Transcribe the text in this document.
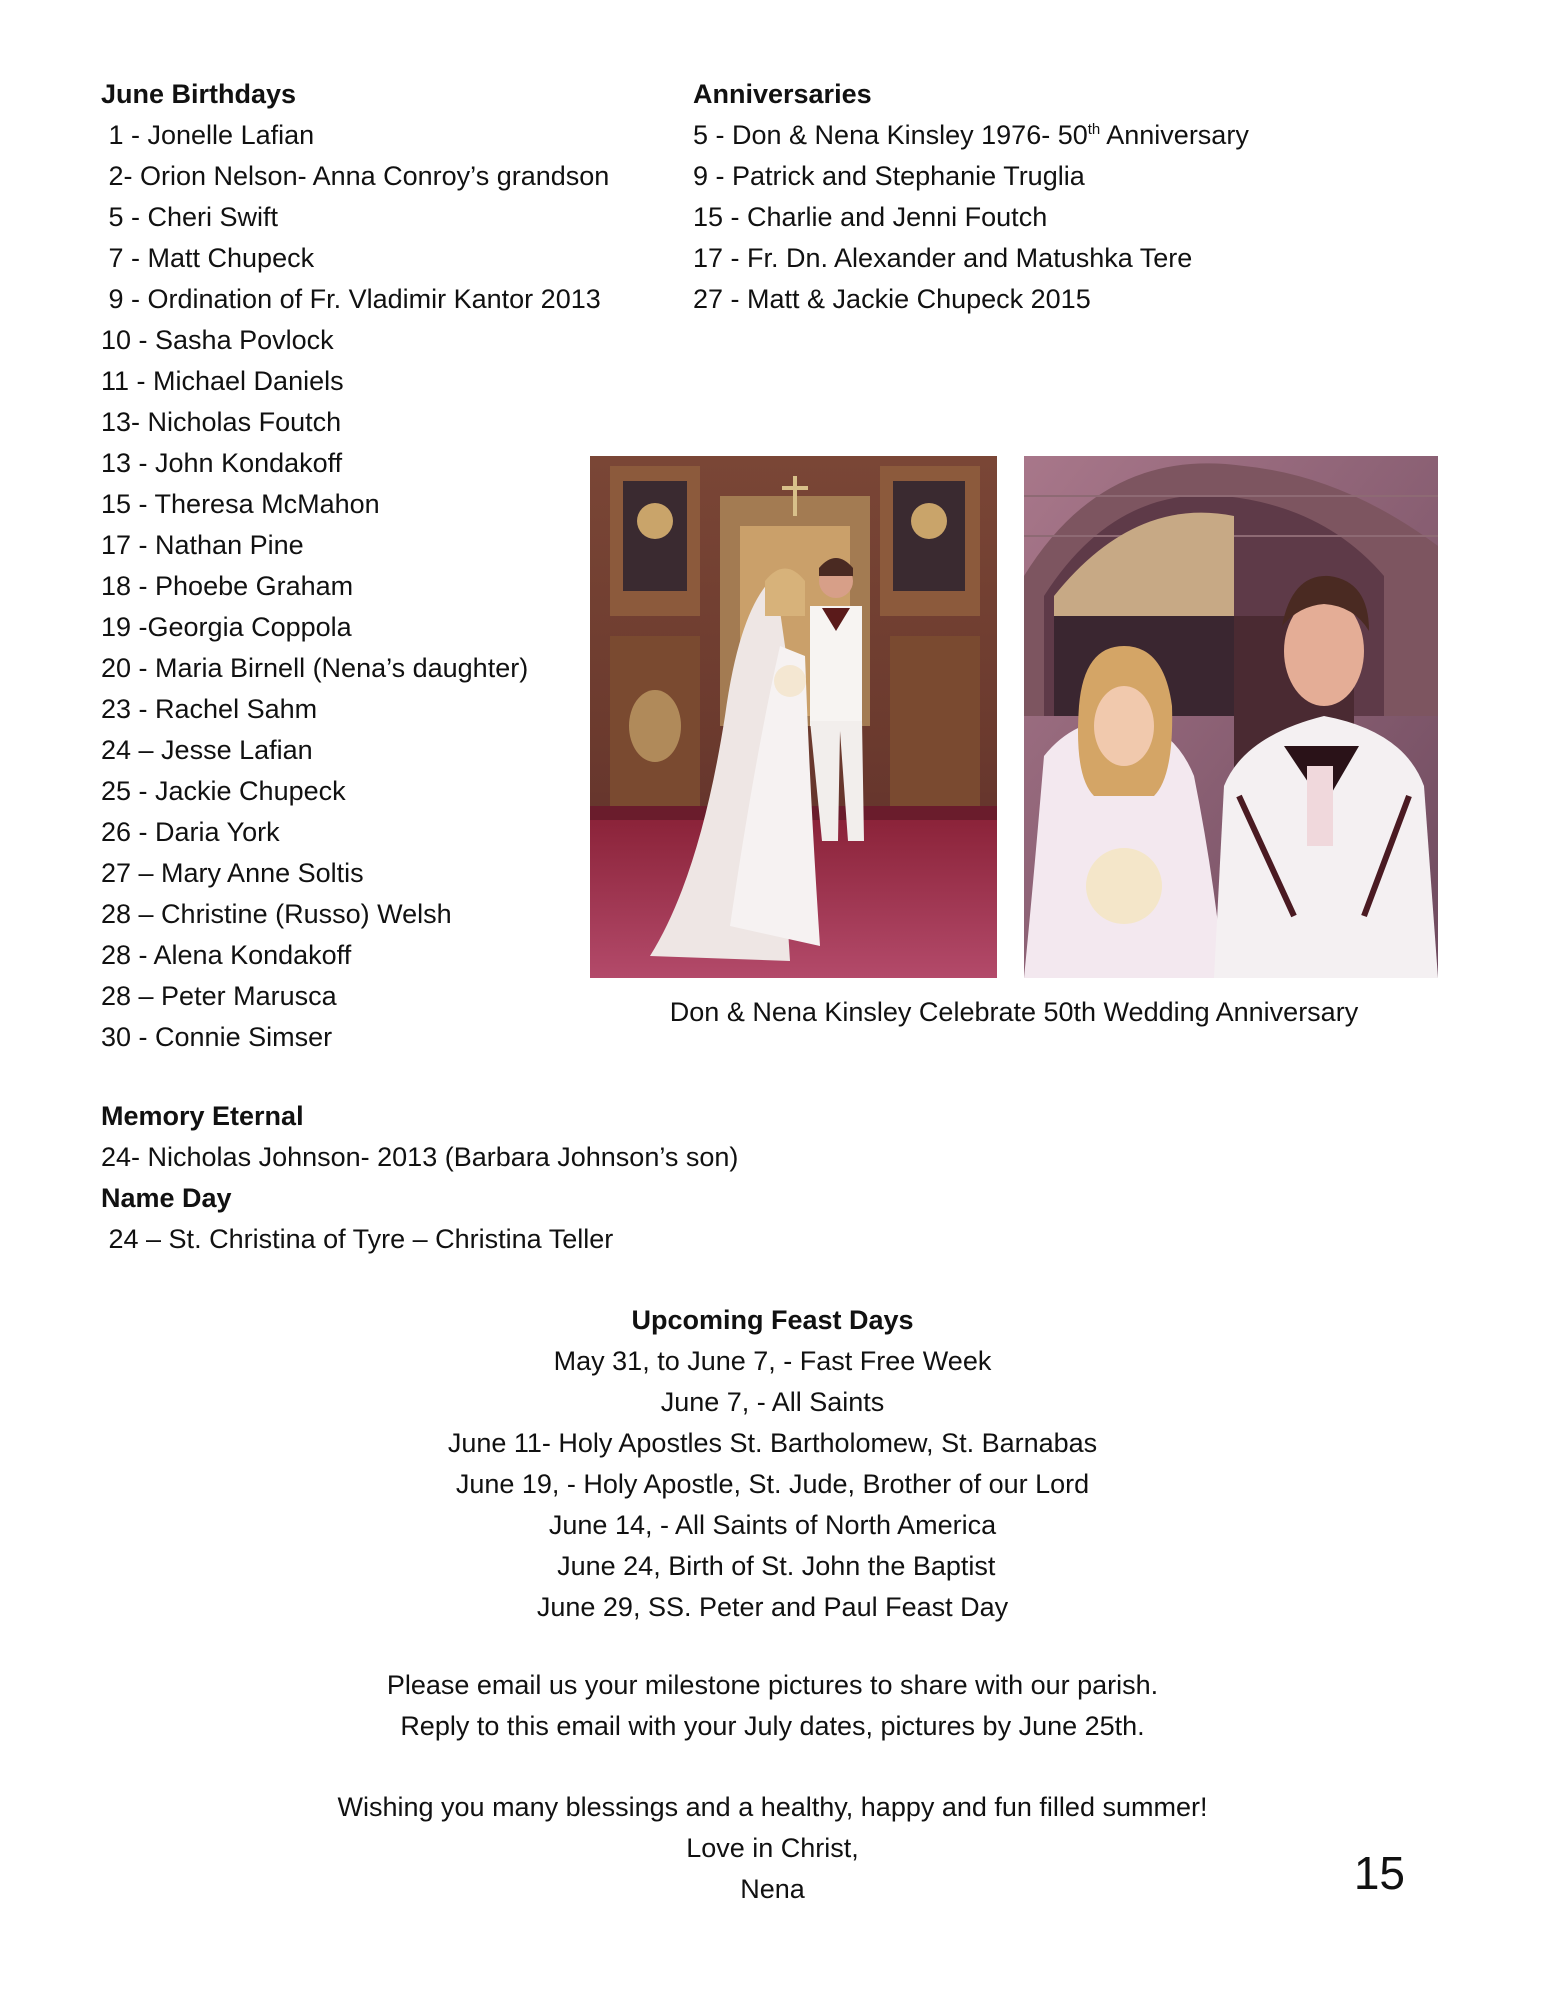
June Birthdays
1 - Jonelle Lafian
2- Orion Nelson- Anna Conroy’s grandson
5 - Cheri Swift
7 - Matt Chupeck
9 - Ordination of Fr. Vladimir Kantor 2013
10 - Sasha Povlock
11 - Michael Daniels
13- Nicholas Foutch
13 - John Kondakoff
15 - Theresa McMahon
17 - Nathan Pine
18 - Phoebe Graham
19 -Georgia Coppola
20 - Maria Birnell (Nena’s daughter)
23 - Rachel Sahm
24 – Jesse Lafian
25 - Jackie Chupeck
26 - Daria York
27 – Mary Anne Soltis
28 – Christine (Russo) Welsh
28 - Alena Kondakoff
28 – Peter Marusca
30 - Connie Simser
Anniversaries
5 - Don & Nena Kinsley 1976- 50th Anniversary
9 - Patrick and Stephanie Truglia
15 - Charlie and Jenni Foutch
17 - Fr. Dn. Alexander and Matushka Tere
27 - Matt & Jackie Chupeck 2015
Don & Nena Kinsley Celebrate 50th Wedding Anniversary
Memory Eternal
24- Nicholas Johnson- 2013 (Barbara Johnson’s son)
Name Day
24 – St. Christina of Tyre – Christina Teller
Upcoming Feast Days
May 31, to June 7, - Fast Free Week
June 7, - All Saints
June 11- Holy Apostles St. Bartholomew, St. Barnabas
June 19, - Holy Apostle, St. Jude, Brother of our Lord
June 14, - All Saints of North America
June 24, Birth of St. John the Baptist
June 29, SS. Peter and Paul Feast Day
Please email us your milestone pictures to share with our parish.
Reply to this email with your July dates, pictures by June 25th.
Wishing you many blessings and a healthy, happy and fun filled summer!
Love in Christ,
Nena	15
